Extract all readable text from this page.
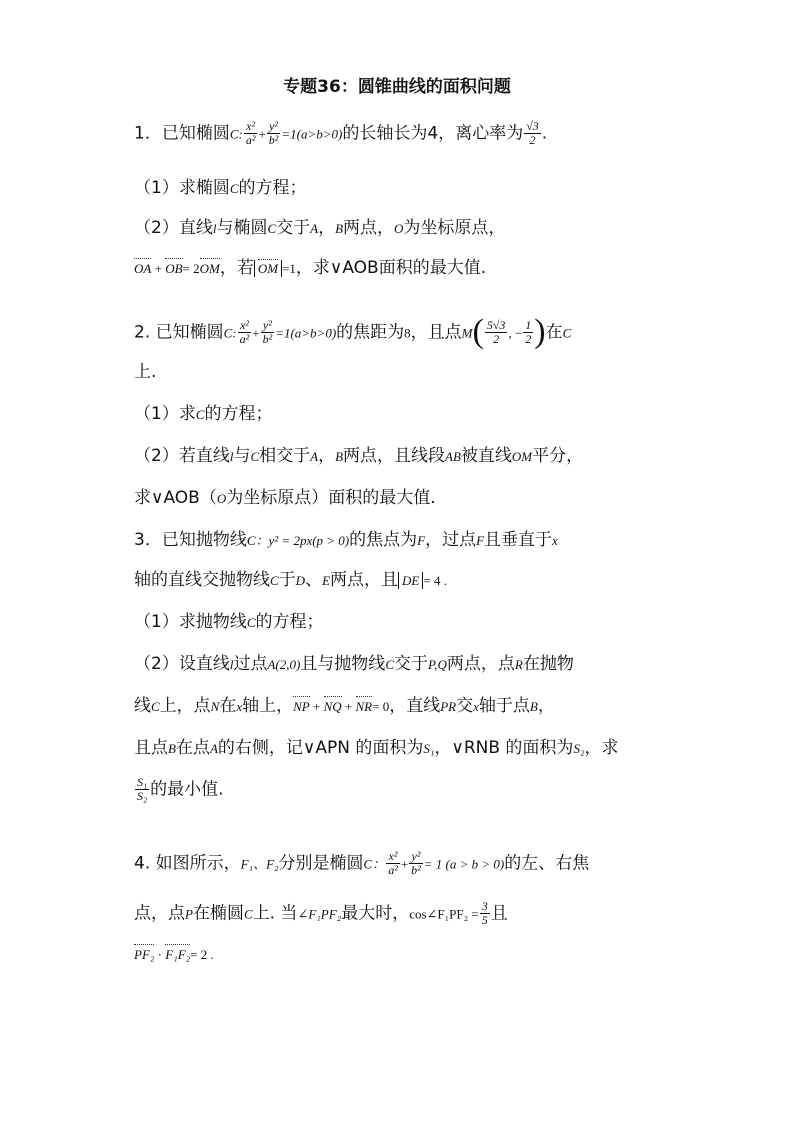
专题36：圆锥曲线的面积问题
1．已知椭圆C: $\frac{\text{x²}}{\text{a²}} + \frac{\text{y²}}{\text{b²}} =1(a>b>0)$的长轴长为4，离心率为 $\frac{√3}{2}$ .
（1）求椭圆C的方程；
（2）直线l与椭圆C交于A，B两点，O为坐标原点，
OA + OB= 2OM，若 OM =1，求∨AOB面积的最大值.
2. 已知椭圆C: $\frac{\text{x²}}{\text{a²}} + \frac{\text{y²}}{\text{b²}} =1(a>b>0)$的焦距为8，且点$M( \frac{5√3}{2}$ , − $\frac{1}{2}$ )在C
上.
（1）求C的方程；
（2）若直线l与C相交于A，B两点，且线段AB被直线OM平分，
求∨AOB（O为坐标原点）面积的最大值.
3．已知抛物线C：y² = 2px(p > 0)的焦点为F，过点F且垂直于x
轴的直线交抛物线C于D、E两点，且 DE = 4 .
（1）求抛物线C的方程；
（2）设直线l过点A(2,0)且与抛物线C交于P,Q两点，点R在抛物
线C上，点N在x轴上，NP + NQ + NR= 0，直线PR交x轴于点B，
且点B在点A的右侧，记∨APN 的面积为S₁，∨RNB 的面积为S₂，求
$\frac{\text{S₁}}{\text{S₂}}$ 的最小值.
4. 如图所示，F₁、F₂分别是椭圆C： $\frac{\text{x²}}{\text{a²}} + \frac{\text{y²}}{\text{b²}} = 1$ (a > b > 0)的左、右焦
点，点P在椭圆C上. 当∠F₁PF₂最大时，cos∠F₁PF₂ = $\frac{3}{5}$ 且
PF₂ · F₁F₂= 2 .
